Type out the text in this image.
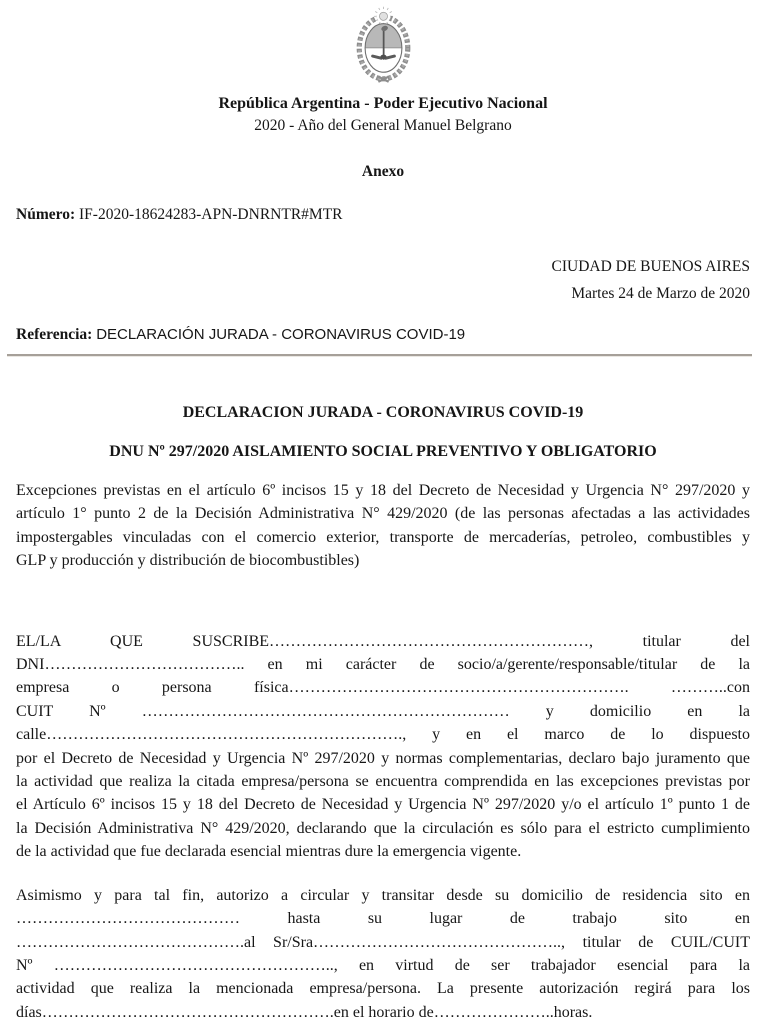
República Argentina - Poder Ejecutivo Nacional
2020 - Año del General Manuel Belgrano
Anexo
Número: IF-2020-18624283-APN-DNRNTR#MTR
CIUDAD DE BUENOS AIRES
Martes 24 de Marzo de 2020
Referencia: DECLARACIÓN JURADA - CORONAVIRUS COVID-19
DECLARACION JURADA - CORONAVIRUS COVID-19
DNU Nº 297/2020 AISLAMIENTO SOCIAL PREVENTIVO Y OBLIGATORIO
Excepciones previstas en el artículo 6º incisos 15 y 18 del Decreto de Necesidad y Urgencia N° 297/2020 y
artículo 1° punto 2 de la Decisión Administrativa N° 429/2020 (de las personas afectadas a las actividades
impostergables vinculadas con el comercio exterior, transporte de mercaderías, petroleo, combustibles y
GLP y producción y distribución de biocombustibles)
EL/LA QUE SUSCRIBE……………………………………………………, titular del
DNI……………………………….. en mi carácter de socio/a/gerente/responsable/titular de la
empresa o persona física………………………………………………………. ………..con
CUIT Nº …………………………………………………………… y domicilio en la
calle…………………………………………………………., y en el marco de lo dispuesto
por el Decreto de Necesidad y Urgencia Nº 297/2020 y normas complementarias, declaro bajo juramento que
la actividad que realiza la citada empresa/persona se encuentra comprendida en las excepciones previstas por
el Artículo 6º incisos 15 y 18 del Decreto de Necesidad y Urgencia Nº 297/2020 y/o el artículo 1º punto 1 de
la Decisión Administrativa N° 429/2020, declarando que la circulación es sólo para el estricto cumplimiento
de la actividad que fue declarada esencial mientras dure la emergencia vigente.
Asimismo y para tal fin, autorizo a circular y transitar desde su domicilio de residencia sito en
…………………………………… hasta su lugar de trabajo sito en
…………………………………….al Sr/Sra……………………………………….., titular de CUIL/CUIT
Nº …………………………………………….., en virtud de ser trabajador esencial para la
actividad que realiza la mencionada empresa/persona. La presente autorización regirá para los
días……………………………………………….en el horario de…………………..horas.
